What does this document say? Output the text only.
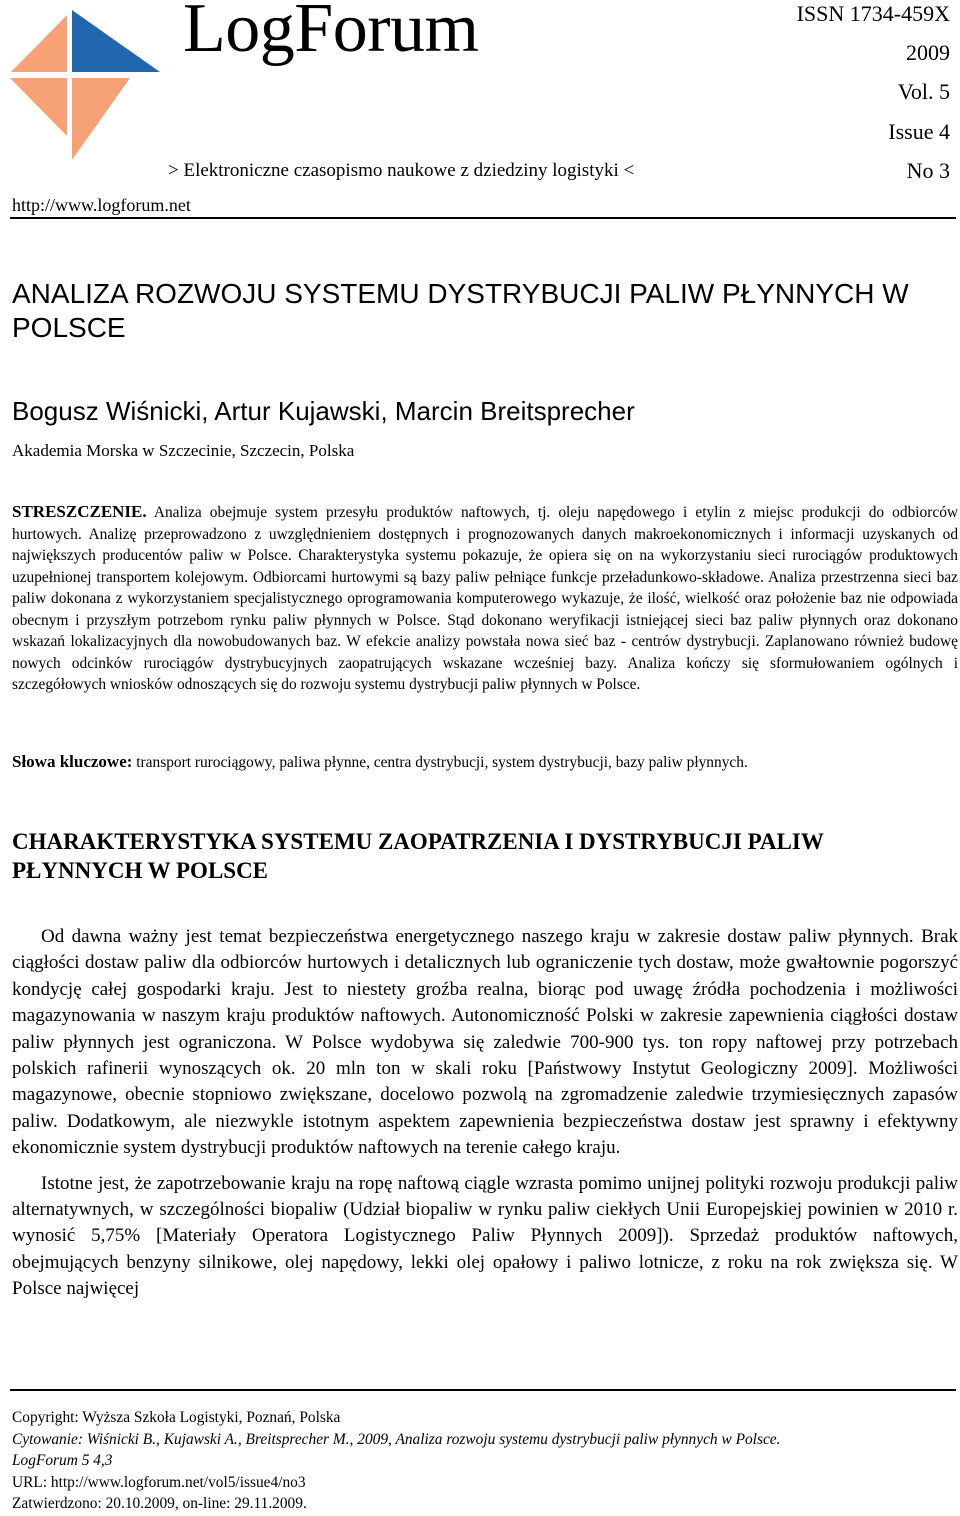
LogForum
> Elektroniczne czasopismo naukowe z dziedziny logistyki <
http://www.logforum.net
ISSN 1734-459X
2009
Vol. 5
Issue 4
No 3
ANALIZA ROZWOJU SYSTEMU DYSTRYBUCJI PALIW PŁYNNYCH W POLSCE
Bogusz Wiśnicki, Artur Kujawski, Marcin Breitsprecher
Akademia Morska w Szczecinie, Szczecin, Polska
STRESZCZENIE. Analiza obejmuje system przesyłu produktów naftowych, tj. oleju napędowego i etylin z miejsc produkcji do odbiorców hurtowych. Analizę przeprowadzono z uwzględnieniem dostępnych i prognozowanych danych makroekonomicznych i informacji uzyskanych od największych producentów paliw w Polsce. Charakterystyka systemu pokazuje, że opiera się on na wykorzystaniu sieci rurociągów produktowych uzupełnionej transportem kolejowym. Odbiorcami hurtowymi są bazy paliw pełniące funkcje przeładunkowo-składowe. Analiza przestrzenna sieci baz paliw dokonana z wykorzystaniem specjalistycznego oprogramowania komputerowego wykazuje, że ilość, wielkość oraz położenie baz nie odpowiada obecnym i przyszłym potrzebom rynku paliw płynnych w Polsce. Stąd dokonano weryfikacji istniejącej sieci baz paliw płynnych oraz dokonano wskazań lokalizacyjnych dla nowobudowanych baz. W efekcie analizy powstała nowa sieć baz - centrów dystrybucji. Zaplanowano również budowę nowych odcinków rurociągów dystrybucyjnych zaopatrujących wskazane wcześniej bazy. Analiza kończy się sformułowaniem ogólnych i szczegółowych wniosków odnoszących się do rozwoju systemu dystrybucji paliw płynnych w Polsce.
Słowa kluczowe: transport rurociągowy, paliwa płynne, centra dystrybucji, system dystrybucji, bazy paliw płynnych.
CHARAKTERYSTYKA SYSTEMU ZAOPATRZENIA I DYSTRYBUCJI PALIW PŁYNNYCH W POLSCE

Od dawna ważny jest temat bezpieczeństwa energetycznego naszego kraju w zakresie dostaw paliw płynnych. Brak ciągłości dostaw paliw dla odbiorców hurtowych i detalicznych lub ograniczenie tych dostaw, może gwałtownie pogorszyć kondycję całej gospodarki kraju. Jest to niestety groźba realna, biorąc pod uwagę źródła pochodzenia i możliwości magazynowania w naszym kraju produktów naftowych. Autonomiczność Polski w zakresie zapewnienia ciągłości dostaw paliw płynnych jest ograniczona. W Polsce wydobywa się zaledwie 700-900 tys. ton ropy naftowej przy potrzebach polskich rafinerii wynoszących ok. 20 mln ton w skali roku [Państwowy Instytut Geologiczny 2009]. Możliwości magazynowe, obecnie stopniowo zwiększane, docelowo pozwolą na zgromadzenie zaledwie trzymiesięcznych zapasów paliw. Dodatkowym, ale niezwykle istotnym aspektem zapewnienia bezpieczeństwa dostaw jest sprawny i efektywny ekonomicznie system dystrybucji produktów naftowych na terenie całego kraju.

Istotne jest, że zapotrzebowanie kraju na ropę naftową ciągle wzrasta pomimo unijnej polityki rozwoju produkcji paliw alternatywnych, w szczególności biopaliw (Udział biopaliw w rynku paliw ciekłych Unii Europejskiej powinien w 2010 r. wynosić 5,75% [Materiały Operatora Logistycznego Paliw Płynnych 2009]). Sprzedaż produktów naftowych, obejmujących benzyny silnikowe, olej napędowy, lekki olej opałowy i paliwo lotnicze, z roku na rok zwiększa się. W Polsce najwięcej

Copyright: Wyższa Szkoła Logistyki, Poznań, Polska
Cytowanie: Wiśnicki B., Kujawski A., Breitsprecher M., 2009, Analiza rozwoju systemu dystrybucji paliw płynnych w Polsce.
LogForum 5 4,3
URL: http://www.logforum.net/vol5/issue4/no3
Zatwierdzono: 20.10.2009, on-line: 29.11.2009.
